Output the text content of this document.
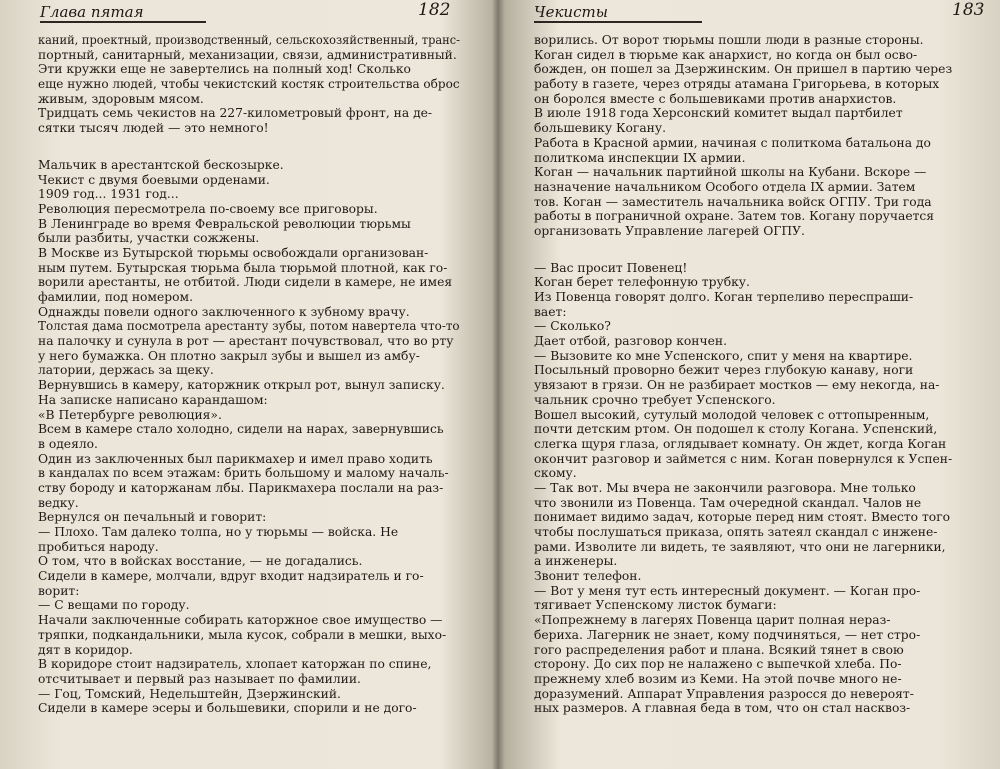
Глава пятая	182
каний, проектный, производственный, сельскохозяйственный, транс-
портный, санитарный, механизации, связи, административный.
Эти кружки еще не завертелись на полный ход! Сколько
еще нужно людей, чтобы чекистский костяк строительства оброс
живым, здоровым мясом.
Тридцать семь чекистов на 227-километровый фронт, на де-
сятки тысяч людей — это немного!
Мальчик в арестантской бескозырке.
Чекист с двумя боевыми орденами.
1909 год... 1931 год...
Революция пересмотрела по-своему все приговоры.
В Ленинграде во время Февральской революции тюрьмы
были разбиты, участки сожжены.
В Москве из Бутырской тюрьмы освобождали организован-
ным путем. Бутырская тюрьма была тюрьмой плотной, как го-
ворили арестанты, не отбитой. Люди сидели в камере, не имея
фамилии, под номером.
Однажды повели одного заключенного к зубному врачу.
Толстая дама посмотрела арестанту зубы, потом навертела что-то
на палочку и сунула в рот — арестант почувствовал, что во рту
у него бумажка. Он плотно закрыл зубы и вышел из амбу-
латории, держась за щеку.
Вернувшись в камеру, каторжник открыл рот, вынул записку.
На записке написано карандашом:
«В Петербурге революция».
Всем в камере стало холодно, сидели на нарах, завернувшись
в одеяло.
Один из заключенных был парикмахер и имел право ходить
в кандалах по всем этажам: брить большому и малому началь-
ству бороду и каторжанам лбы. Парикмахера послали на раз-
ведку.
Вернулся он печальный и говорит:
— Плохо. Там далеко толпа, но у тюрьмы — войска. Не
пробиться народу.
О том, что в войсках восстание, — не догадались.
Сидели в камере, молчали, вдруг входит надзиратель и го-
ворит:
— С вещами по городу.
Начали заключенные собирать каторжное свое имущество —
тряпки, подкандальники, мыла кусок, собрали в мешки, выхо-
дят в коридор.
В коридоре стоит надзиратель, хлопает каторжан по спине,
отсчитывает и первый раз называет по фамилии.
— Гоц, Томский, Недельштейн, Дзержинский.
Сидели в камере эсеры и большевики, спорили и не дого-
Чекисты	183
ворились. От ворот тюрьмы пошли люди в разные стороны.
Коган сидел в тюрьме как анархист, но когда он был осво-
божден, он пошел за Дзержинским. Он пришел в партию через
работу в газете, через отряды атамана Григорьева, в которых
он боролся вместе с большевиками против анархистов.
В июле 1918 года Херсонский комитет выдал партбилет
большевику Когану.
Работа в Красной армии, начиная с политкома батальона до
политкома инспекции IX армии.
Коган — начальник партийной школы на Кубани. Вскоре —
назначение начальником Особого отдела IX армии. Затем
тов. Коган — заместитель начальника войск ОГПУ. Три года
работы в пограничной охране. Затем тов. Когану поручается
организовать Управление лагерей ОГПУ.
— Вас просит Повенец!
Коган берет телефонную трубку.
Из Повенца говорят долго. Коган терпеливо переспраши-
вает:
— Сколько?
Дает отбой, разговор кончен.
— Вызовите ко мне Успенского, спит у меня на квартире.
Посыльный проворно бежит через глубокую канаву, ноги
увязают в грязи. Он не разбирает мостков — ему некогда, на-
чальник срочно требует Успенского.
Вошел высокий, сутулый молодой человек с оттопыренным,
почти детским ртом. Он подошел к столу Когана. Успенский,
слегка щуря глаза, оглядывает комнату. Он ждет, когда Коган
окончит разговор и займется с ним. Коган повернулся к Успен-
скому.
— Так вот. Мы вчера не закончили разговора. Мне только
что звонили из Повенца. Там очередной скандал. Чалов не
понимает видимо задач, которые перед ним стоят. Вместо того
чтобы послушаться приказа, опять затеял скандал с инжене-
рами. Изволите ли видеть, те заявляют, что они не лагерники,
а инженеры.
Звонит телефон.
— Вот у меня тут есть интересный документ. — Коган про-
тягивает Успенскому листок бумаги:
«Попрежнему в лагерях Повенца царит полная нераз-
бериха. Лагерник не знает, кому подчиняться, — нет стро-
гого распределения работ и плана. Всякий тянет в свою
сторону. До сих пор не налажено с выпечкой хлеба. По-
прежнему хлеб возим из Кеми. На этой почве много не-
доразумений. Аппарат Управления разросся до невероят-
ных размеров. А главная беда в том, что он стал насквоз-
